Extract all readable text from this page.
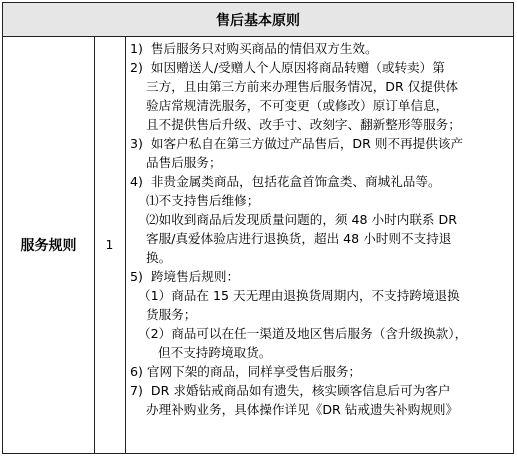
售后基本原则
服务规则	1
1)  售后服务只对购买商品的情侣双方生效。
2)  如因赠送人/受赠人个人原因将商品转赠（或转卖）第
三方，且由第三方前来办理售后服务情况，DR 仅提供体
验店常规清洗服务，不可变更（或修改）原订单信息，
且不提供售后升级、改手寸、改刻字、翻新整形等服务；
3)  如客户私自在第三方做过产品售后，DR 则不再提供该产
品售后服务；
4)  非贵金属类商品，包括花盒首饰盒类、商城礼品等。
⑴不支持售后维修；
⑵如收到商品后发现质量问题的，须 48 小时内联系 DR
客服/真爱体验店进行退换货，超出 48 小时则不支持退
换。
5)  跨境售后规则：
（1）商品在 15 天无理由退换货周期内，不支持跨境退换
货服务；
（2）商品可以在任一渠道及地区售后服务（含升级换款），
但不支持跨境取货。
6) 官网下架的商品，同样享受售后服务；
7)  DR 求婚钻戒商品如有遗失，核实顾客信息后可为客户
办理补购业务，具体操作详见《DR 钻戒遗失补购规则》
